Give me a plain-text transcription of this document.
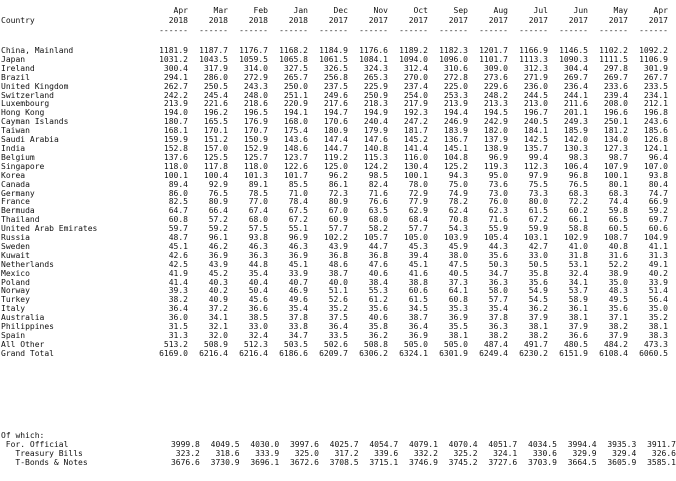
	Apr	Mar	Feb	Jan	Dec	Nov	Oct	Sep	Aug	Jul	Jun	May	Apr
Country	2018	2018	2018	2018	2017	2017	2017	2017	2017	2017	2017	2017	2017
	------	------	------	------	------	------	------	------	------	------	------	------	------
China, Mainland	1181.9	1187.7	1176.7	1168.2	1184.9	1176.6	1189.2	1182.3	1201.7	1166.9	1146.5	1102.2	1092.2
Japan	1031.2	1043.5	1059.5	1065.8	1061.5	1084.1	1094.0	1096.0	1101.7	1113.3	1090.3	1111.5	1106.9
Ireland	300.4	317.9	314.0	327.5	326.5	324.3	312.4	310.6	309.0	312.3	304.4	297.8	301.9
Brazil	294.1	286.0	272.9	265.7	256.8	265.3	270.0	272.8	273.6	271.9	269.7	269.7	267.7
United Kingdom	262.7	250.5	243.3	250.0	237.5	225.9	237.4	225.0	229.6	236.0	236.4	233.6	233.5
Switzerland	242.2	245.4	248.0	251.1	249.6	250.9	254.0	253.3	248.2	244.5	244.1	239.4	234.1
Luxembourg	213.9	221.6	218.6	220.9	217.6	218.3	217.9	213.9	213.3	213.0	211.6	208.0	212.1
Hong Kong	194.0	196.2	196.5	194.1	194.7	194.9	192.3	194.4	194.5	196.7	201.1	196.6	196.8
Cayman Islands	180.7	165.5	176.9	168.0	170.6	240.4	247.2	246.9	242.9	240.5	249.3	250.1	243.6
Taiwan	168.1	170.1	170.7	175.4	180.9	179.9	181.7	183.9	182.0	184.1	185.9	181.2	185.6
Saudi Arabia	159.9	151.2	150.9	143.6	147.4	147.6	145.2	136.7	137.9	142.5	142.0	134.0	126.8
India	152.8	157.0	152.9	148.6	144.7	140.8	141.4	145.1	138.9	135.7	130.3	127.3	124.1
Belgium	137.6	125.5	125.7	123.7	119.2	115.3	116.0	104.8	96.9	99.4	98.3	98.7	96.4
Singapore	118.0	117.8	118.0	122.6	125.0	124.2	130.4	125.2	119.3	112.3	106.4	107.9	107.0
Korea	100.1	100.4	101.3	101.7	96.2	98.5	100.1	94.3	95.0	97.9	96.8	100.1	93.8
Canada	89.4	92.9	89.1	85.5	86.1	82.4	78.0	75.0	73.6	75.5	76.5	80.1	80.4
Germany	86.0	76.5	78.5	71.0	72.3	71.6	72.9	74.9	73.0	73.3	68.3	68.3	74.7
France	82.5	80.9	77.0	78.4	80.9	76.6	77.9	78.2	76.0	80.0	72.2	74.4	66.9
Bermuda	64.7	66.4	67.4	67.5	67.0	63.5	62.9	62.4	62.3	61.5	60.2	59.8	59.2
Thailand	60.8	57.2	68.0	67.2	60.9	68.0	68.4	70.8	71.6	67.2	66.1	66.5	69.7
United Arab Emirates	59.7	59.2	57.5	55.1	57.7	58.2	57.7	54.3	55.9	59.9	58.8	60.5	60.6
Russia	48.7	96.1	93.8	96.9	102.2	105.7	105.0	103.9	105.4	103.1	102.9	108.7	104.9
Sweden	45.1	46.2	46.3	46.3	43.9	44.7	45.3	45.9	44.3	42.7	41.0	40.8	41.1
Kuwait	42.6	36.9	36.3	36.9	36.8	36.8	39.4	38.0	35.6	33.0	31.8	31.6	31.3
Netherlands	42.5	43.9	44.8	45.1	48.6	47.6	45.1	47.5	50.3	50.5	53.1	52.2	49.1
Mexico	41.9	45.2	35.4	33.9	38.7	40.6	41.6	40.5	34.7	35.8	32.4	38.9	40.2
Poland	41.4	40.3	40.4	40.7	40.0	38.4	38.8	37.3	36.3	35.6	34.1	35.0	33.9
Norway	39.3	40.2	50.4	46.9	51.1	55.3	60.6	64.1	58.0	54.9	53.7	48.3	51.4
Turkey	38.2	40.9	45.6	49.6	52.6	61.2	61.5	60.8	57.7	54.5	58.9	49.5	56.4
Italy	36.4	37.2	36.6	35.4	35.2	35.6	34.5	35.3	35.4	36.2	36.1	35.6	35.0
Australia	36.0	34.1	38.5	37.8	37.5	40.6	38.7	36.9	37.8	37.9	38.1	37.1	35.2
Philippines	31.5	32.1	33.0	33.8	36.4	35.8	36.4	35.5	36.3	38.1	37.9	38.2	38.1
Spain	31.3	32.0	32.4	34.7	33.5	36.2	36.9	38.1	38.2	38.2	36.6	37.9	38.3
All Other	513.2	508.9	512.3	503.5	502.6	508.8	505.0	505.0	487.4	491.7	480.5	484.2	473.3
Grand Total	6169.0	6216.4	6216.4	6186.6	6209.7	6306.2	6324.1	6301.9	6249.4	6230.2	6151.9	6108.4	6060.5
Of which:													
For. Official	3999.8	4049.5	4030.0	3997.6	4025.7	4054.7	4079.1	4070.4	4051.7	4034.5	3994.4	3935.3	3911.7
Treasury Bills	323.2	318.6	333.9	325.0	317.2	339.6	332.2	325.2	324.1	330.6	329.9	329.4	326.6
T-Bonds & Notes	3676.6	3730.9	3696.1	3672.6	3708.5	3715.1	3746.9	3745.2	3727.6	3703.9	3664.5	3605.9	3585.1
